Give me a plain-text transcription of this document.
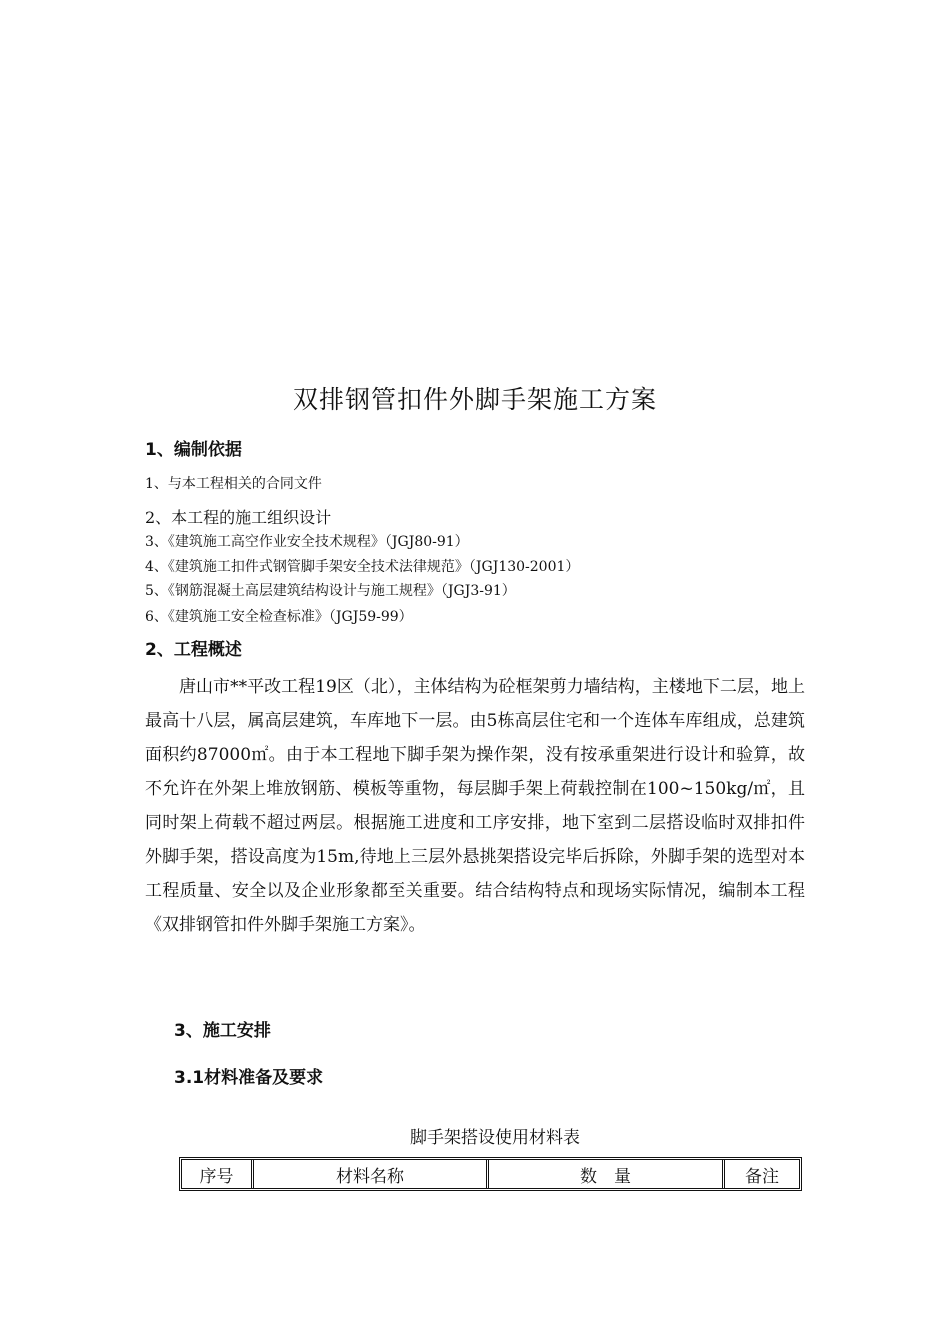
双排钢管扣件外脚手架施工方案
1、编制依据
1、与本工程相关的合同文件
2、本工程的施工组织设计
3、《建筑施工高空作业安全技术规程》（JGJ80-91）
4、《建筑施工扣件式钢管脚手架安全技术法律规范》（JGJ130-2001）
5、《钢筋混凝土高层建筑结构设计与施工规程》（JGJ3-91）
6、《建筑施工安全检查标准》（JGJ59-99）
2、工程概述

唐山市**平改工程19区（北），主体结构为砼框架剪力墙结构，主楼地下二层，地上最高十八层，属高层建筑，车库地下一层。由5栋高层住宅和一个连体车库组成，总建筑面积约87000㎡。由于本工程地下脚手架为操作架，没有按承重架进行设计和验算，故不允许在外架上堆放钢筋、模板等重物，每层脚手架上荷载控制在100~150kg/㎡，且同时架上荷载不超过两层。根据施工进度和工序安排，地下室到二层搭设临时双排扣件外脚手架，搭设高度为15m,待地上三层外悬挑架搭设完毕后拆除，外脚手架的选型对本工程质量、安全以及企业形象都至关重要。结合结构特点和现场实际情况，编制本工程《双排钢管扣件外脚手架施工方案》。

3、施工安排
3.1材料准备及要求
脚手架搭设使用材料表
序号	材料名称	数　量	备注
